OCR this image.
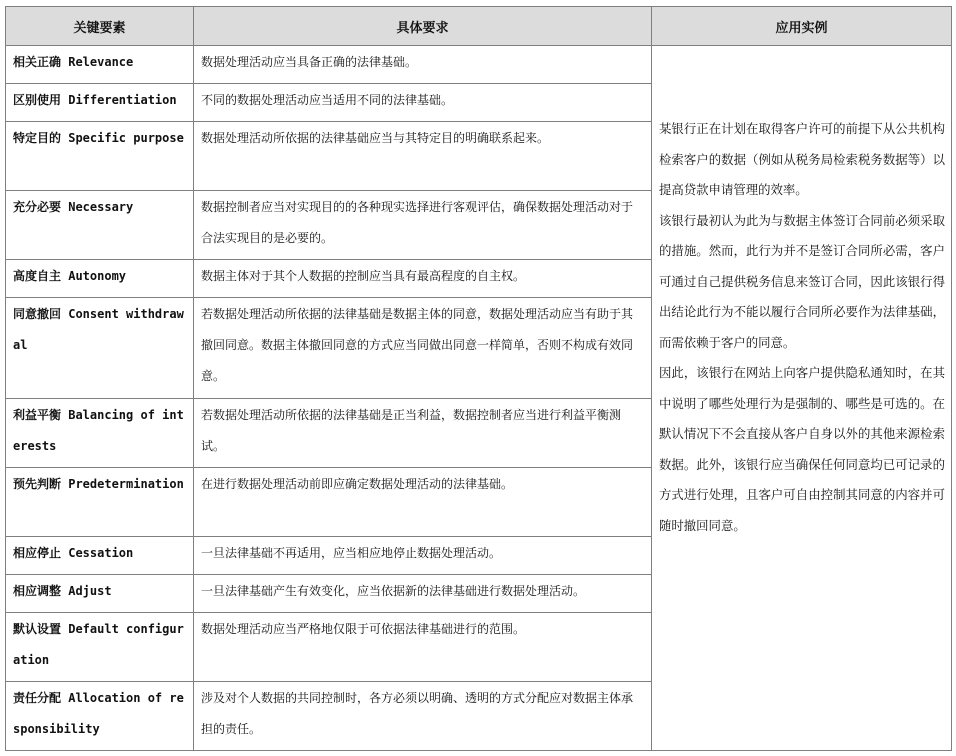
关键要素	具体要求	应用实例
相关正确 Relevance	数据处理活动应当具备正确的法律基础。	某银行正在计划在取得客户许可的前提下从公共机构检索客户的数据（例如从税务局检索税务数据等）以提高贷款申请管理的效率。

该银行最初认为此为与数据主体签订合同前必须采取的措施。然而，此行为并不是签订合同所必需，客户可通过自己提供税务信息来签订合同，因此该银行得出结论此行为不能以履行合同所必要作为法律基础，而需依赖于客户的同意。

因此，该银行在网站上向客户提供隐私通知时，在其中说明了哪些处理行为是强制的、哪些是可选的。在默认情况下不会直接从客户自身以外的其他来源检索数据。此外，该银行应当确保任何同意均已可记录的方式进行处理，且客户可自由控制其同意的内容并可随时撤回同意。

区别使用 Differentiation	不同的数据处理活动应当适用不同的法律基础。	
特定目的 Specific purpose	数据处理活动所依据的法律基础应当与其特定目的明确联系起来。	
充分必要 Necessary	数据控制者应当对实现目的的各种现实选择进行客观评估，确保数据处理活动对于合法实现目的是必要的。	
高度自主 Autonomy	数据主体对于其个人数据的控制应当具有最高程度的自主权。	
同意撤回 Consent withdrawal	若数据处理活动所依据的法律基础是数据主体的同意，数据处理活动应当有助于其撤回同意。数据主体撤回同意的方式应当同做出同意一样简单，否则不构成有效同意。	
利益平衡 Balancing of interests	若数据处理活动所依据的法律基础是正当利益，数据控制者应当进行利益平衡测试。	
预先判断 Predetermination	在进行数据处理活动前即应确定数据处理活动的法律基础。	
相应停止 Cessation	一旦法律基础不再适用，应当相应地停止数据处理活动。	
相应调整 Adjust	一旦法律基础产生有效变化，应当依据新的法律基础进行数据处理活动。	
默认设置 Default configuration	数据处理活动应当严格地仅限于可依据法律基础进行的范围。	
责任分配 Allocation of responsibility	涉及对个人数据的共同控制时，各方必须以明确、透明的方式分配应对数据主体承担的责任。	
